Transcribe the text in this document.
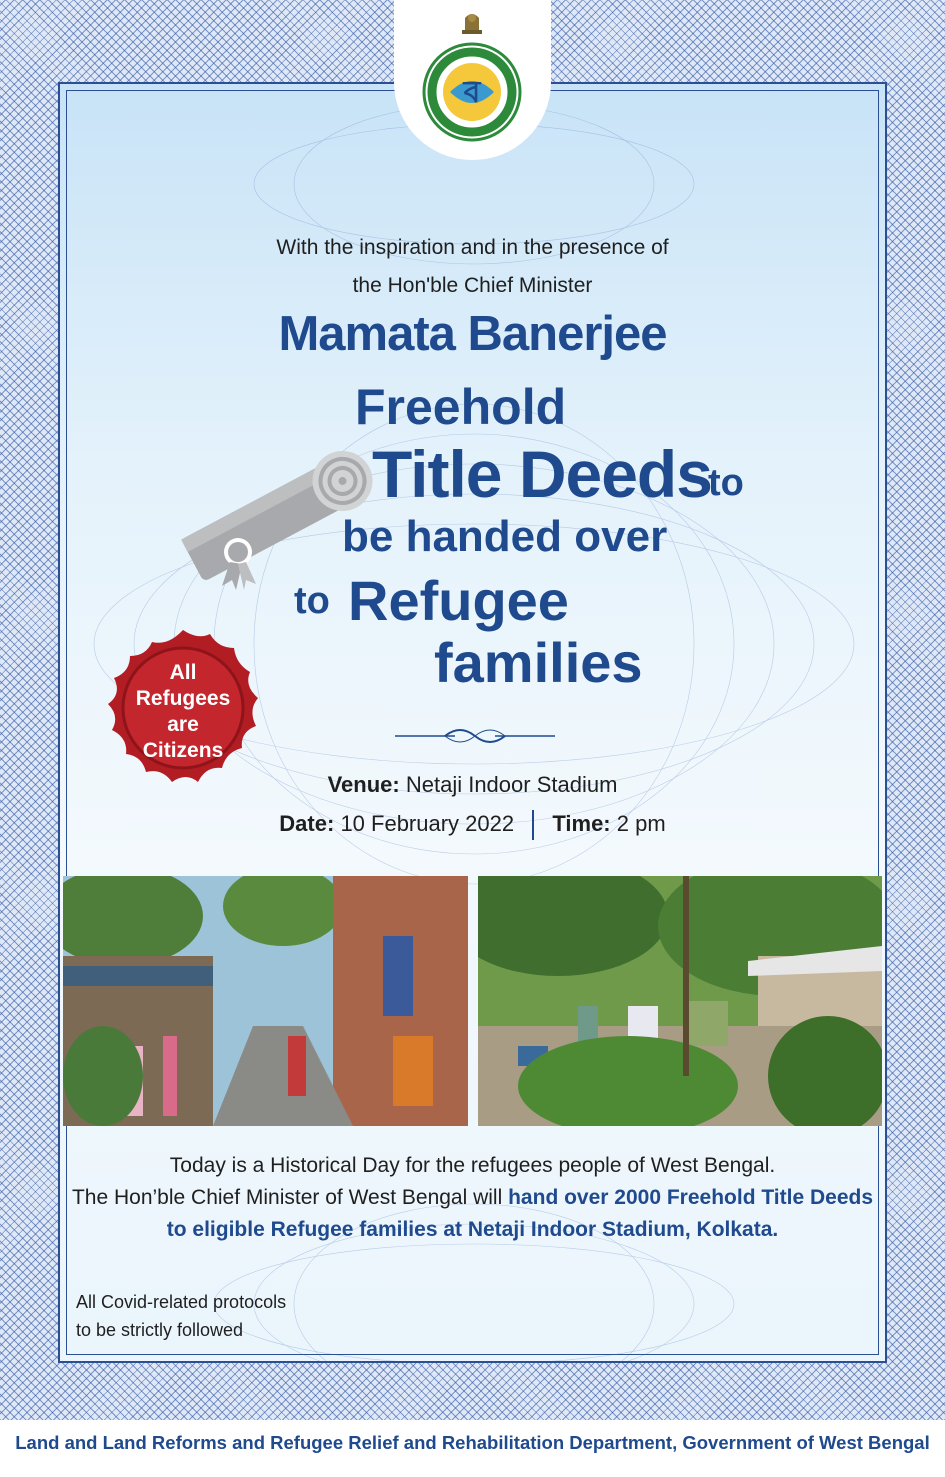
ব

With the inspiration and in the presence of

the Hon'ble Chief Minister

Mamata Banerjee

Freehold

Title Deeds

to

be handed over

to Refugee

families

All
Refugees
are
Citizens

Venue: Netaji Indoor Stadium

Date: 10 February 2022 Time: 2 pm

Today is a Historical Day for the refugees people of West Bengal.

The Hon’ble Chief Minister of West Bengal will hand over 2000 Freehold Title Deeds

to eligible Refugee families at Netaji Indoor Stadium, Kolkata.

All Covid-related protocols
to be strictly followed

Land and Land Reforms and Refugee Relief and Rehabilitation Department, Government of West Bengal
